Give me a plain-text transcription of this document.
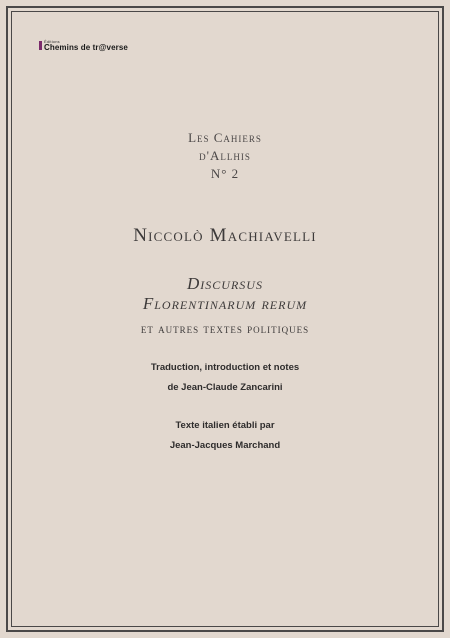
Éditions
Chemins de tr@verse
Les Cahiers
d'Allhis
N° 2
Niccolò Machiavelli
Discursus
Florentinarum rerum
et autres textes politiques
Traduction, introduction et notes
de Jean-Claude Zancarini
Texte italien établi par
Jean-Jacques Marchand
